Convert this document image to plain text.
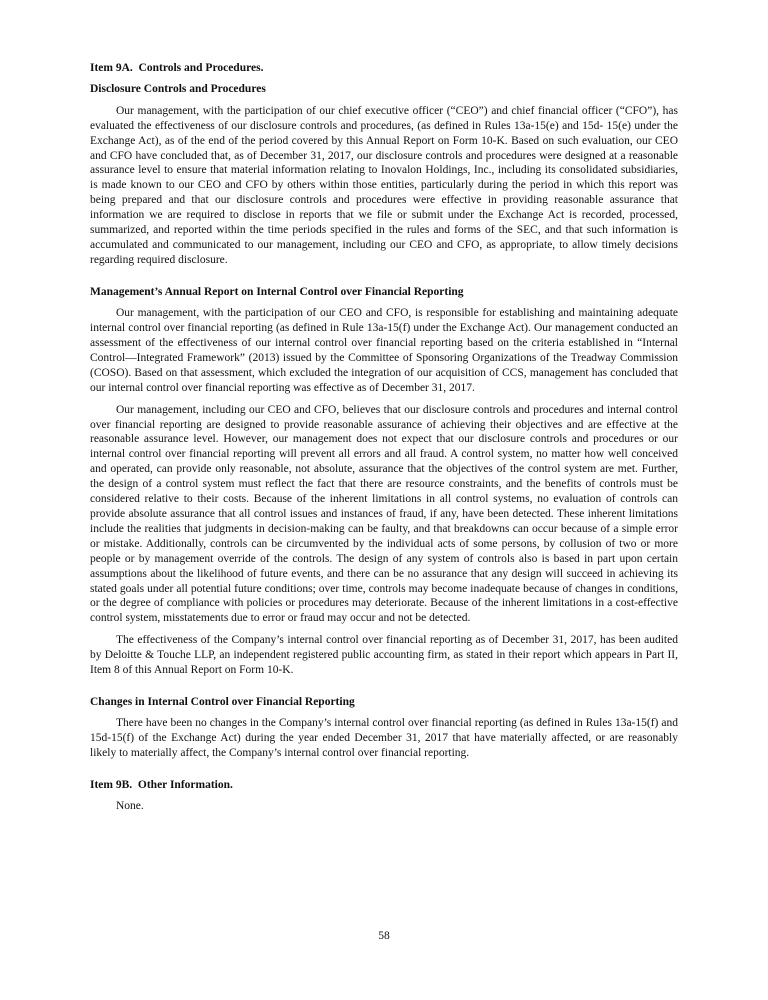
Item 9A.  Controls and Procedures.
Disclosure Controls and Procedures

Our management, with the participation of our chief executive officer (“CEO”) and chief financial officer (“CFO”), has evaluated the effectiveness of our disclosure controls and procedures, (as defined in Rules 13a-15(e) and 15d- 15(e) under the Exchange Act), as of the end of the period covered by this Annual Report on Form 10-K. Based on such evaluation, our CEO and CFO have concluded that, as of December 31, 2017, our disclosure controls and procedures were designed at a reasonable assurance level to ensure that material information relating to Inovalon Holdings, Inc., including its consolidated subsidiaries, is made known to our CEO and CFO by others within those entities, particularly during the period in which this report was being prepared and that our disclosure controls and procedures were effective in providing reasonable assurance that information we are required to disclose in reports that we file or submit under the Exchange Act is recorded, processed, summarized, and reported within the time periods specified in the rules and forms of the SEC, and that such information is accumulated and communicated to our management, including our CEO and CFO, as appropriate, to allow timely decisions regarding required disclosure.

Management’s Annual Report on Internal Control over Financial Reporting

Our management, with the participation of our CEO and CFO, is responsible for establishing and maintaining adequate internal control over financial reporting (as defined in Rule 13a-15(f) under the Exchange Act). Our management conducted an assessment of the effectiveness of our internal control over financial reporting based on the criteria established in “Internal Control—Integrated Framework” (2013) issued by the Committee of Sponsoring Organizations of the Treadway Commission (COSO). Based on that assessment, which excluded the integration of our acquisition of CCS, management has concluded that our internal control over financial reporting was effective as of December 31, 2017.

Our management, including our CEO and CFO, believes that our disclosure controls and procedures and internal control over financial reporting are designed to provide reasonable assurance of achieving their objectives and are effective at the reasonable assurance level. However, our management does not expect that our disclosure controls and procedures or our internal control over financial reporting will prevent all errors and all fraud. A control system, no matter how well conceived and operated, can provide only reasonable, not absolute, assurance that the objectives of the control system are met. Further, the design of a control system must reflect the fact that there are resource constraints, and the benefits of controls must be considered relative to their costs. Because of the inherent limitations in all control systems, no evaluation of controls can provide absolute assurance that all control issues and instances of fraud, if any, have been detected. These inherent limitations include the realities that judgments in decision-making can be faulty, and that breakdowns can occur because of a simple error or mistake. Additionally, controls can be circumvented by the individual acts of some persons, by collusion of two or more people or by management override of the controls. The design of any system of controls also is based in part upon certain assumptions about the likelihood of future events, and there can be no assurance that any design will succeed in achieving its stated goals under all potential future conditions; over time, controls may become inadequate because of changes in conditions, or the degree of compliance with policies or procedures may deteriorate. Because of the inherent limitations in a cost-effective control system, misstatements due to error or fraud may occur and not be detected.

The effectiveness of the Company’s internal control over financial reporting as of December 31, 2017, has been audited by Deloitte & Touche LLP, an independent registered public accounting firm, as stated in their report which appears in Part II, Item 8 of this Annual Report on Form 10-K.

Changes in Internal Control over Financial Reporting

There have been no changes in the Company’s internal control over financial reporting (as defined in Rules 13a-15(f) and 15d-15(f) of the Exchange Act) during the year ended December 31, 2017 that have materially affected, or are reasonably likely to materially affect, the Company’s internal control over financial reporting.

Item 9B.  Other Information.

None.

58
